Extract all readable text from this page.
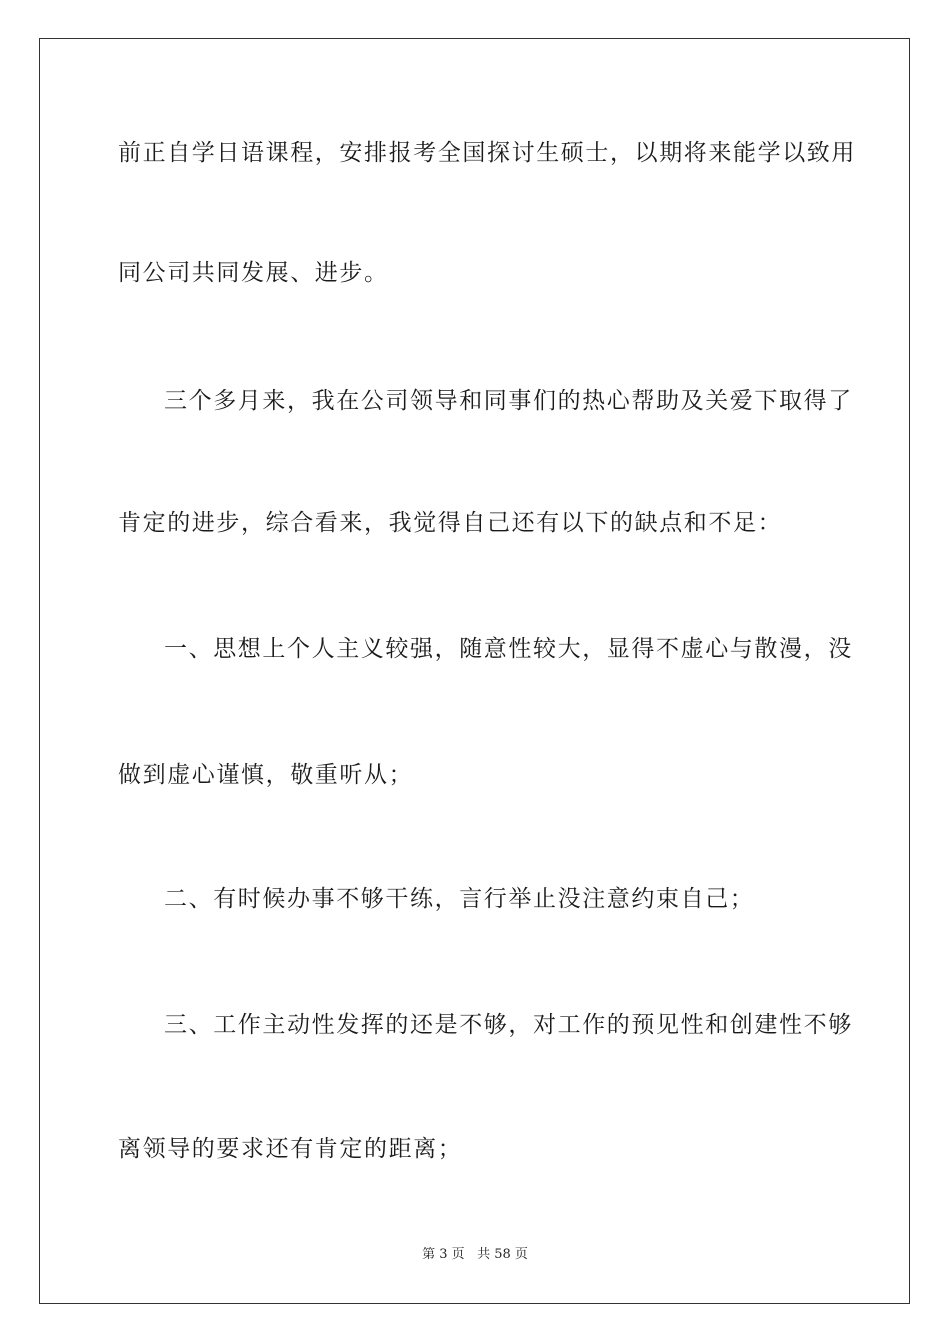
前正自学日语课程，安排报考全国探讨生硕士，以期将来能学以致用
同公司共同发展、进步。
三个多月来，我在公司领导和同事们的热心帮助及关爱下取得了
肯定的进步，综合看来，我觉得自己还有以下的缺点和不足：
一、思想上个人主义较强，随意性较大，显得不虚心与散漫，没
做到虚心谨慎，敬重听从；
二、有时候办事不够干练，言行举止没注意约束自己；
三、工作主动性发挥的还是不够，对工作的预见性和创建性不够
离领导的要求还有肯定的距离；
第 3 页 共 58 页
